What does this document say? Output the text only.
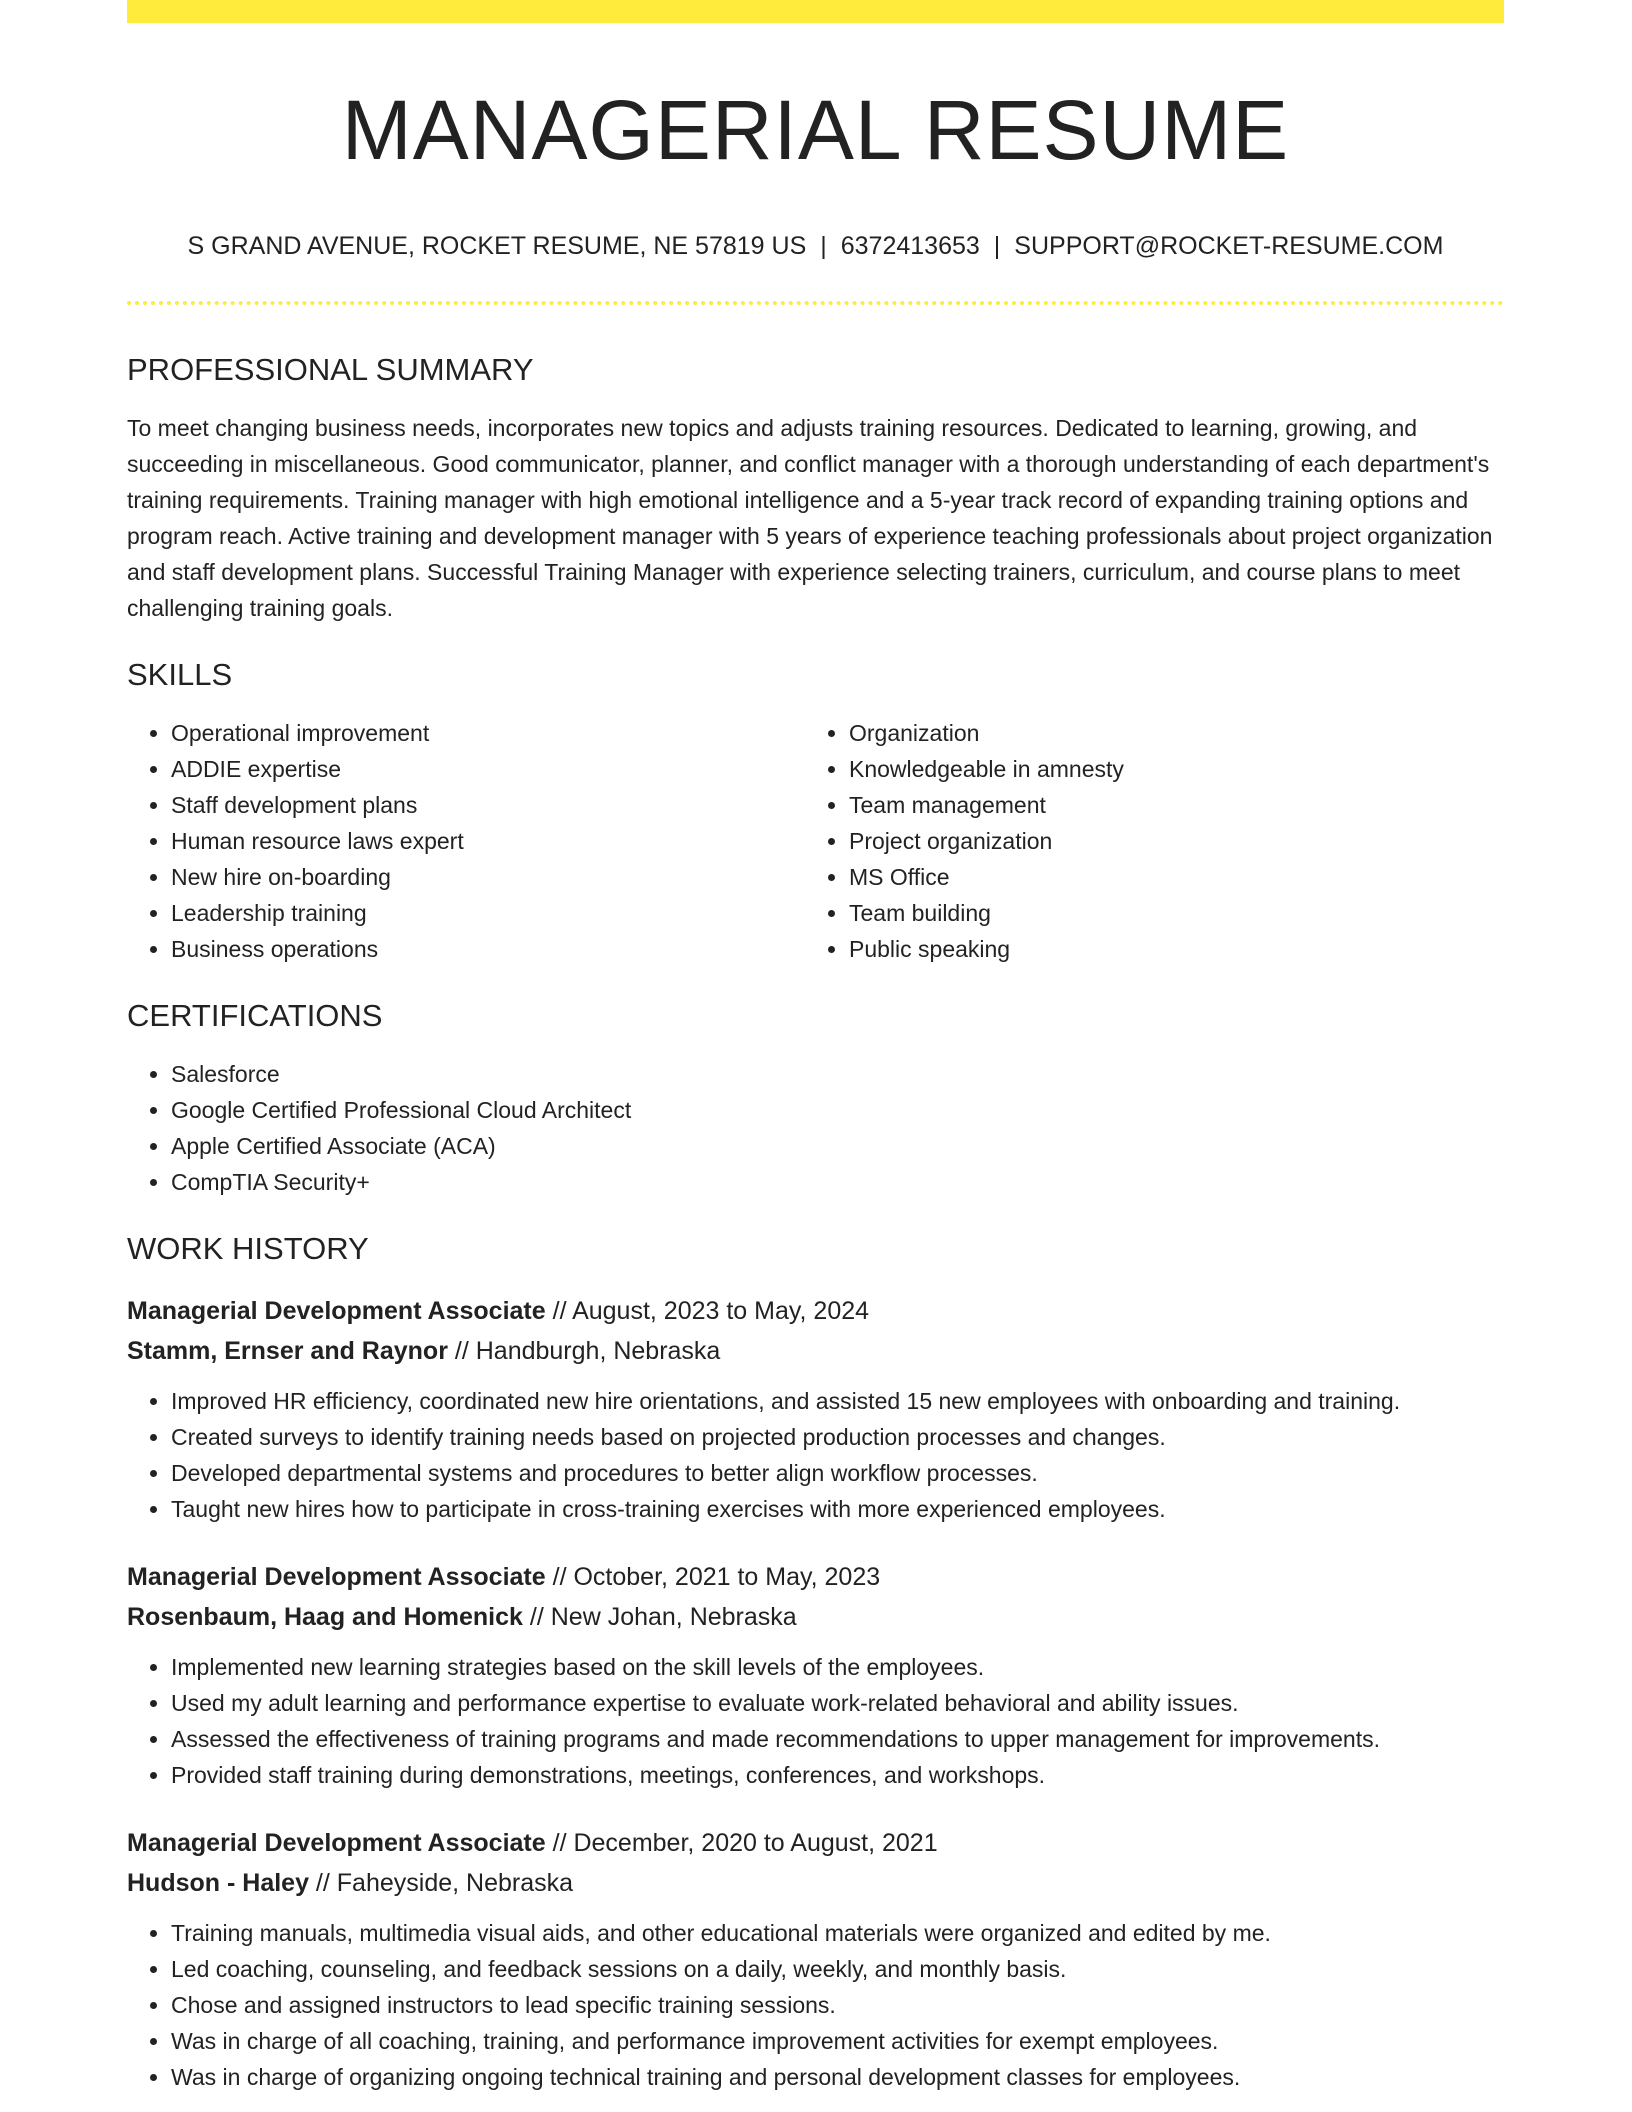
MANAGERIAL RESUME
S GRAND AVENUE, ROCKET RESUME, NE 57819 US | 6372413653 | SUPPORT@ROCKET-RESUME.COM
PROFESSIONAL SUMMARY
To meet changing business needs, incorporates new topics and adjusts training resources. Dedicated to learning, growing, and succeeding in miscellaneous. Good communicator, planner, and conflict manager with a thorough understanding of each department's training requirements. Training manager with high emotional intelligence and a 5-year track record of expanding training options and program reach. Active training and development manager with 5 years of experience teaching professionals about project organization and staff development plans. Successful Training Manager with experience selecting trainers, curriculum, and course plans to meet challenging training goals.
SKILLS
• Operational improvement
• ADDIE expertise
• Staff development plans
• Human resource laws expert
• New hire on-boarding
• Leadership training
• Business operations
• Organization
• Knowledgeable in amnesty
• Team management
• Project organization
• MS Office
• Team building
• Public speaking
CERTIFICATIONS
• Salesforce
• Google Certified Professional Cloud Architect
• Apple Certified Associate (ACA)
• CompTIA Security+
WORK HISTORY
Managerial Development Associate // August, 2023 to May, 2024
Stamm, Ernser and Raynor // Handburgh, Nebraska
• Improved HR efficiency, coordinated new hire orientations, and assisted 15 new employees with onboarding and training.
• Created surveys to identify training needs based on projected production processes and changes.
• Developed departmental systems and procedures to better align workflow processes.
• Taught new hires how to participate in cross-training exercises with more experienced employees.
Managerial Development Associate // October, 2021 to May, 2023
Rosenbaum, Haag and Homenick // New Johan, Nebraska
• Implemented new learning strategies based on the skill levels of the employees.
• Used my adult learning and performance expertise to evaluate work-related behavioral and ability issues.
• Assessed the effectiveness of training programs and made recommendations to upper management for improvements.
• Provided staff training during demonstrations, meetings, conferences, and workshops.
Managerial Development Associate // December, 2020 to August, 2021
Hudson - Haley // Faheyside, Nebraska
• Training manuals, multimedia visual aids, and other educational materials were organized and edited by me.
• Led coaching, counseling, and feedback sessions on a daily, weekly, and monthly basis.
• Chose and assigned instructors to lead specific training sessions.
• Was in charge of all coaching, training, and performance improvement activities for exempt employees.
• Was in charge of organizing ongoing technical training and personal development classes for employees.
